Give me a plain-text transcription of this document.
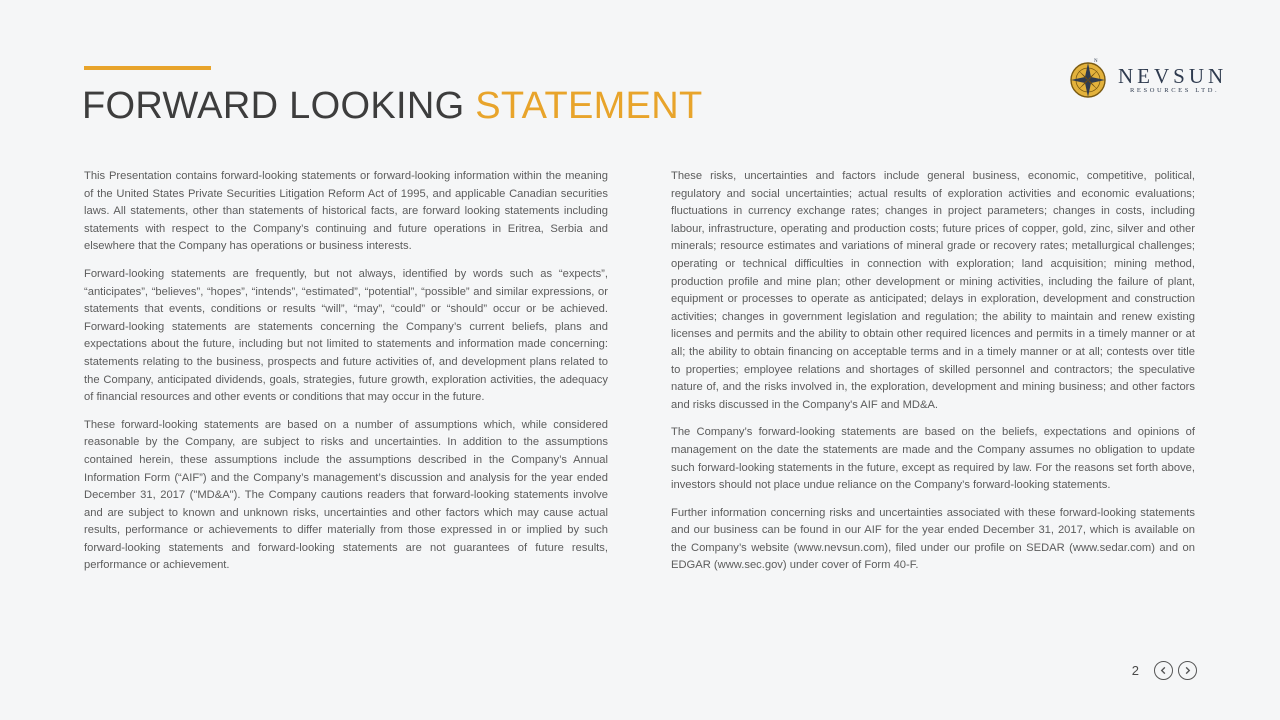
FORWARD LOOKING STATEMENT
N
NEVSUN
RESOURCES LTD.

This Presentation contains forward-looking statements or forward-looking information within the meaning of the United States Private Securities Litigation Reform Act of 1995, and applicable Canadian securities laws. All statements, other than statements of historical facts, are forward looking statements including statements with respect to the Company’s continuing and future operations in Eritrea, Serbia and elsewhere that the Company has operations or business interests.

Forward-looking statements are frequently, but not always, identified by words such as “expects”, “anticipates”, “believes”, “hopes”, “intends”, “estimated”, “potential”, “possible” and similar expressions, or statements that events, conditions or results “will”, “may”, “could” or “should” occur or be achieved. Forward-looking statements are statements concerning the Company’s current beliefs, plans and expectations about the future, including but not limited to statements and information made concerning: statements relating to the business, prospects and future activities of, and development plans related to the Company, anticipated dividends, goals, strategies, future growth, exploration activities, the adequacy of financial resources and other events or conditions that may occur in the future.

These forward-looking statements are based on a number of assumptions which, while considered reasonable by the Company, are subject to risks and uncertainties. In addition to the assumptions contained herein, these assumptions include the assumptions described in the Company’s Annual Information Form (“AIF”) and the Company’s management’s discussion and analysis for the year ended December 31, 2017 ("MD&A"). The Company cautions readers that forward-looking statements involve and are subject to known and unknown risks, uncertainties and other factors which may cause actual results, performance or achievements to differ materially from those expressed in or implied by such forward-looking statements and forward-looking statements are not guarantees of future results, performance or achievement.

These risks, uncertainties and factors include general business, economic, competitive, political, regulatory and social uncertainties; actual results of exploration activities and economic evaluations; fluctuations in currency exchange rates; changes in project parameters; changes in costs, including labour, infrastructure, operating and production costs; future prices of copper, gold, zinc, silver and other minerals; resource estimates and variations of mineral grade or recovery rates; metallurgical challenges; operating or technical difficulties in connection with exploration; land acquisition; mining method, production profile and mine plan; other development or mining activities, including the failure of plant, equipment or processes to operate as anticipated; delays in exploration, development and construction activities; changes in government legislation and regulation; the ability to maintain and renew existing licenses and permits and the ability to obtain other required licences and permits in a timely manner or at all; the ability to obtain financing on acceptable terms and in a timely manner or at all; contests over title to properties; employee relations and shortages of skilled personnel and contractors; the speculative nature of, and the risks involved in, the exploration, development and mining business; and other factors and risks discussed in the Company's AIF and MD&A.

The Company’s forward-looking statements are based on the beliefs, expectations and opinions of management on the date the statements are made and the Company assumes no obligation to update such forward-looking statements in the future, except as required by law. For the reasons set forth above, investors should not place undue reliance on the Company’s forward-looking statements.

Further information concerning risks and uncertainties associated with these forward-looking statements and our business can be found in our AIF for the year ended December 31, 2017, which is available on the Company’s website (www.nevsun.com), filed under our profile on SEDAR (www.sedar.com) and on EDGAR (www.sec.gov) under cover of Form 40-F.

2
